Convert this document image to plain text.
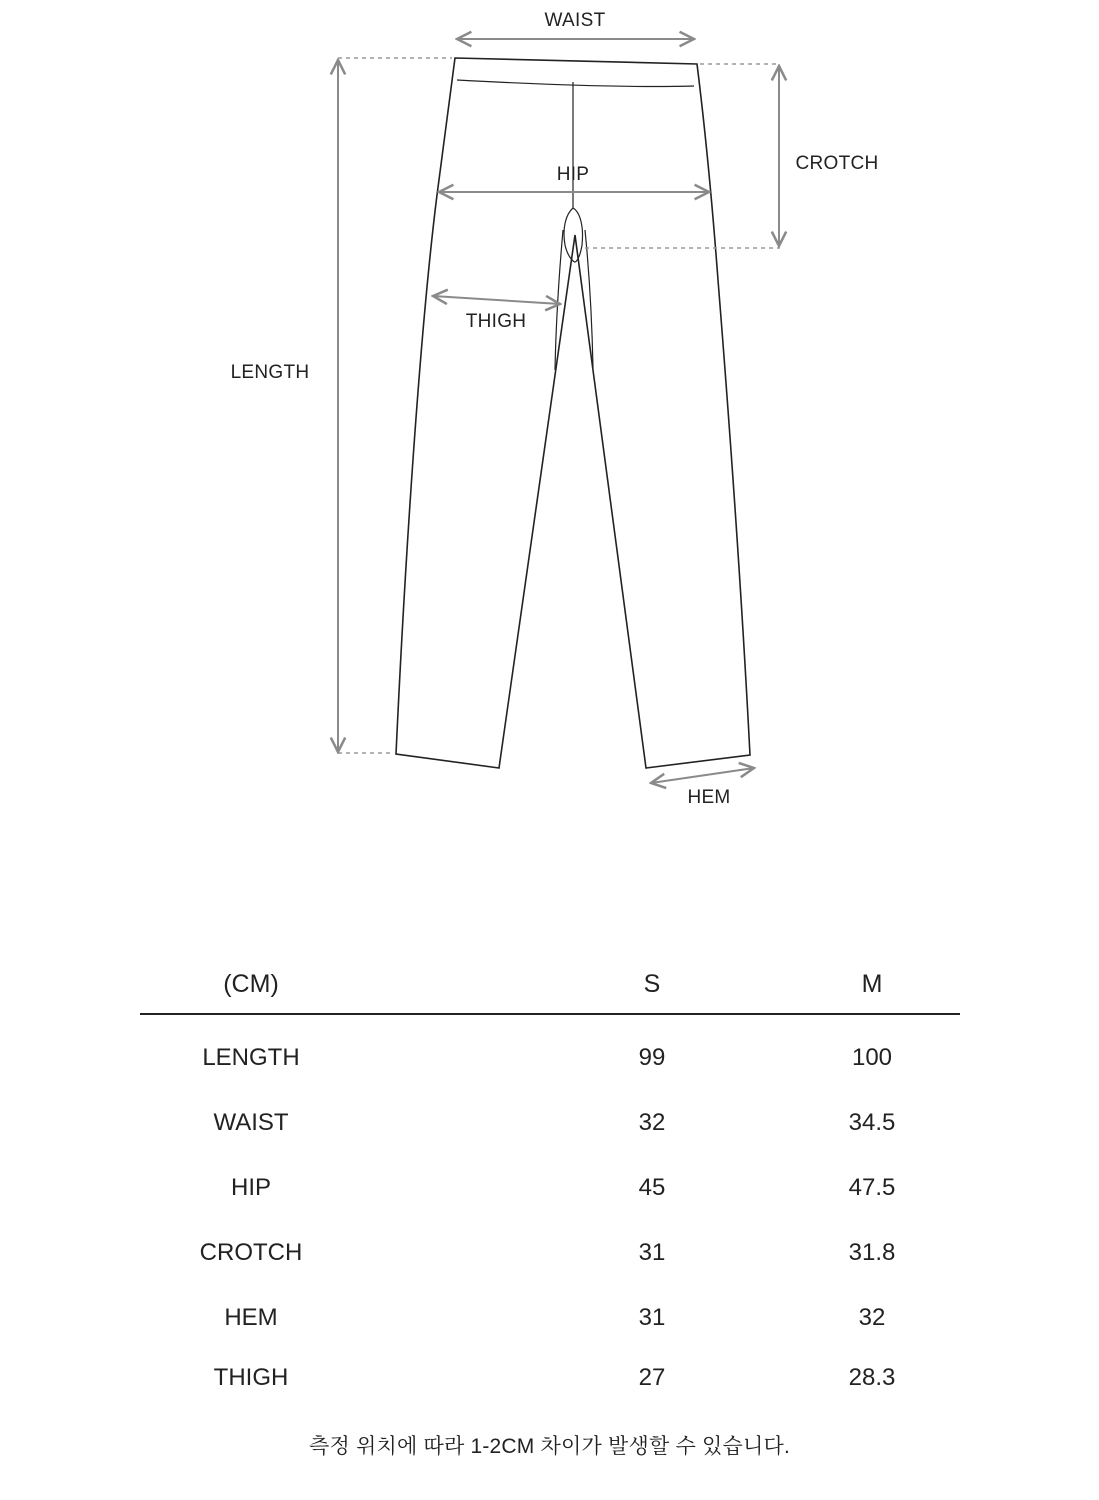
WAIST
CROTCH
HIP
THIGH
LENGTH
HEM
(CM)	S	M
LENGTH	99	100
WAIST	32	34.5
HIP	45	47.5
CROTCH	31	31.8
HEM	31	32
THIGH	27	28.3
측정 위치에 따라 1-2CM 차이가 발생할 수 있습니다.
